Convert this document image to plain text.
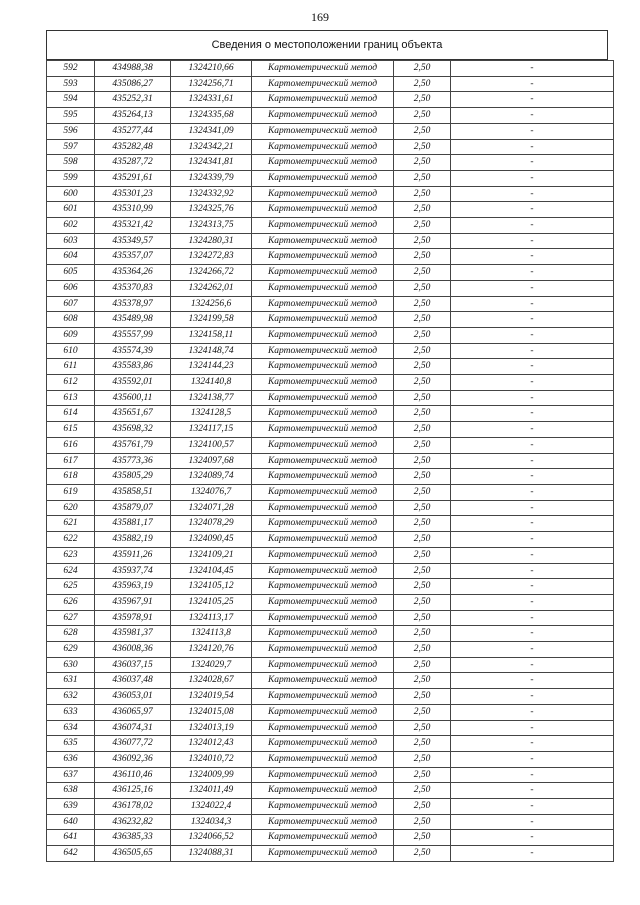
169
Сведения о местоположении границ объекта
592	434988,38	1324210,66	Картометрический метод	2,50	-
593	435086,27	1324256,71	Картометрический метод	2,50	-
594	435252,31	1324331,61	Картометрический метод	2,50	-
595	435264,13	1324335,68	Картометрический метод	2,50	-
596	435277,44	1324341,09	Картометрический метод	2,50	-
597	435282,48	1324342,21	Картометрический метод	2,50	-
598	435287,72	1324341,81	Картометрический метод	2,50	-
599	435291,61	1324339,79	Картометрический метод	2,50	-
600	435301,23	1324332,92	Картометрический метод	2,50	-
601	435310,99	1324325,76	Картометрический метод	2,50	-
602	435321,42	1324313,75	Картометрический метод	2,50	-
603	435349,57	1324280,31	Картометрический метод	2,50	-
604	435357,07	1324272,83	Картометрический метод	2,50	-
605	435364,26	1324266,72	Картометрический метод	2,50	-
606	435370,83	1324262,01	Картометрический метод	2,50	-
607	435378,97	1324256,6	Картометрический метод	2,50	-
608	435489,98	1324199,58	Картометрический метод	2,50	-
609	435557,99	1324158,11	Картометрический метод	2,50	-
610	435574,39	1324148,74	Картометрический метод	2,50	-
611	435583,86	1324144,23	Картометрический метод	2,50	-
612	435592,01	1324140,8	Картометрический метод	2,50	-
613	435600,11	1324138,77	Картометрический метод	2,50	-
614	435651,67	1324128,5	Картометрический метод	2,50	-
615	435698,32	1324117,15	Картометрический метод	2,50	-
616	435761,79	1324100,57	Картометрический метод	2,50	-
617	435773,36	1324097,68	Картометрический метод	2,50	-
618	435805,29	1324089,74	Картометрический метод	2,50	-
619	435858,51	1324076,7	Картометрический метод	2,50	-
620	435879,07	1324071,28	Картометрический метод	2,50	-
621	435881,17	1324078,29	Картометрический метод	2,50	-
622	435882,19	1324090,45	Картометрический метод	2,50	-
623	435911,26	1324109,21	Картометрический метод	2,50	-
624	435937,74	1324104,45	Картометрический метод	2,50	-
625	435963,19	1324105,12	Картометрический метод	2,50	-
626	435967,91	1324105,25	Картометрический метод	2,50	-
627	435978,91	1324113,17	Картометрический метод	2,50	-
628	435981,37	1324113,8	Картометрический метод	2,50	-
629	436008,36	1324120,76	Картометрический метод	2,50	-
630	436037,15	1324029,7	Картометрический метод	2,50	-
631	436037,48	1324028,67	Картометрический метод	2,50	-
632	436053,01	1324019,54	Картометрический метод	2,50	-
633	436065,97	1324015,08	Картометрический метод	2,50	-
634	436074,31	1324013,19	Картометрический метод	2,50	-
635	436077,72	1324012,43	Картометрический метод	2,50	-
636	436092,36	1324010,72	Картометрический метод	2,50	-
637	436110,46	1324009,99	Картометрический метод	2,50	-
638	436125,16	1324011,49	Картометрический метод	2,50	-
639	436178,02	1324022,4	Картометрический метод	2,50	-
640	436232,82	1324034,3	Картометрический метод	2,50	-
641	436385,33	1324066,52	Картометрический метод	2,50	-
642	436505,65	1324088,31	Картометрический метод	2,50	-
